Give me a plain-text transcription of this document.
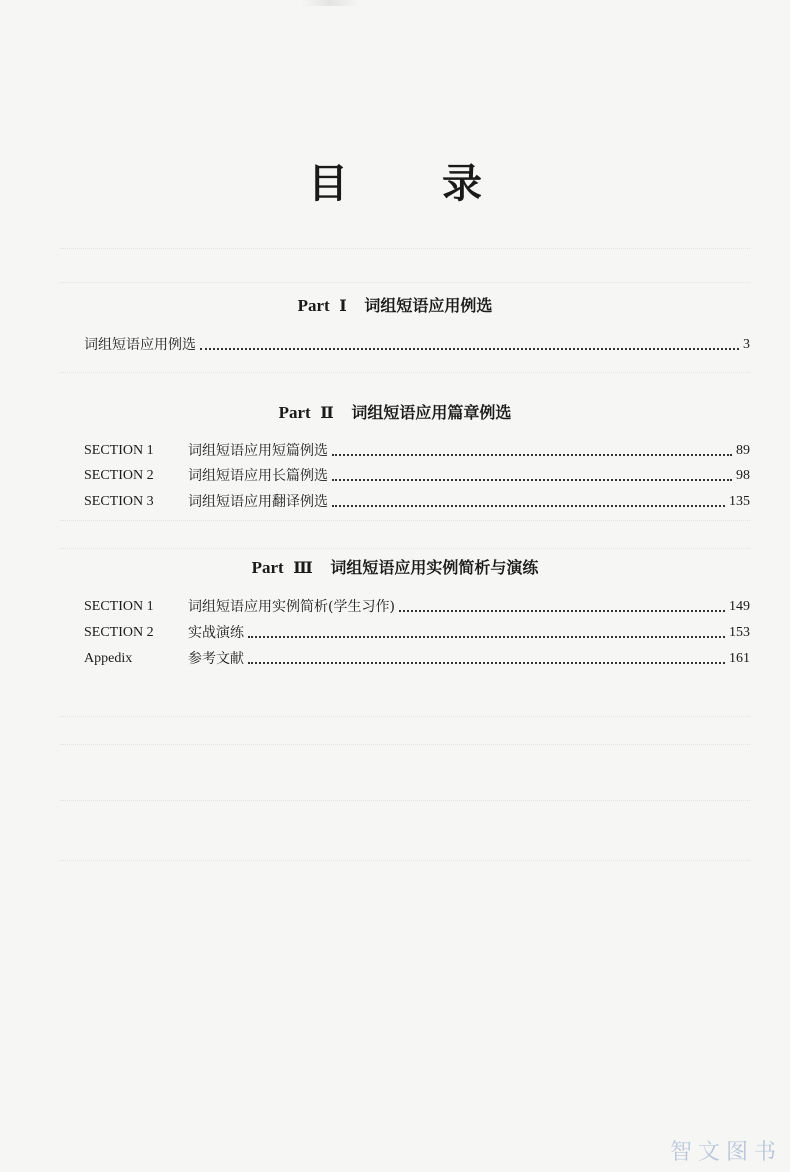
目 录
Part Ⅰ 词组短语应用例选
词组短语应用例选	3
Part Ⅱ 词组短语应用篇章例选
SECTION 1	词组短语应用短篇例选	89
SECTION 2	词组短语应用长篇例选	98
SECTION 3	词组短语应用翻译例选	135
Part Ⅲ 词组短语应用实例简析与演练
SECTION 1	词组短语应用实例简析(学生习作)	149
SECTION 2	实战演练	153
Appedix	参考文献	161
智文图书
